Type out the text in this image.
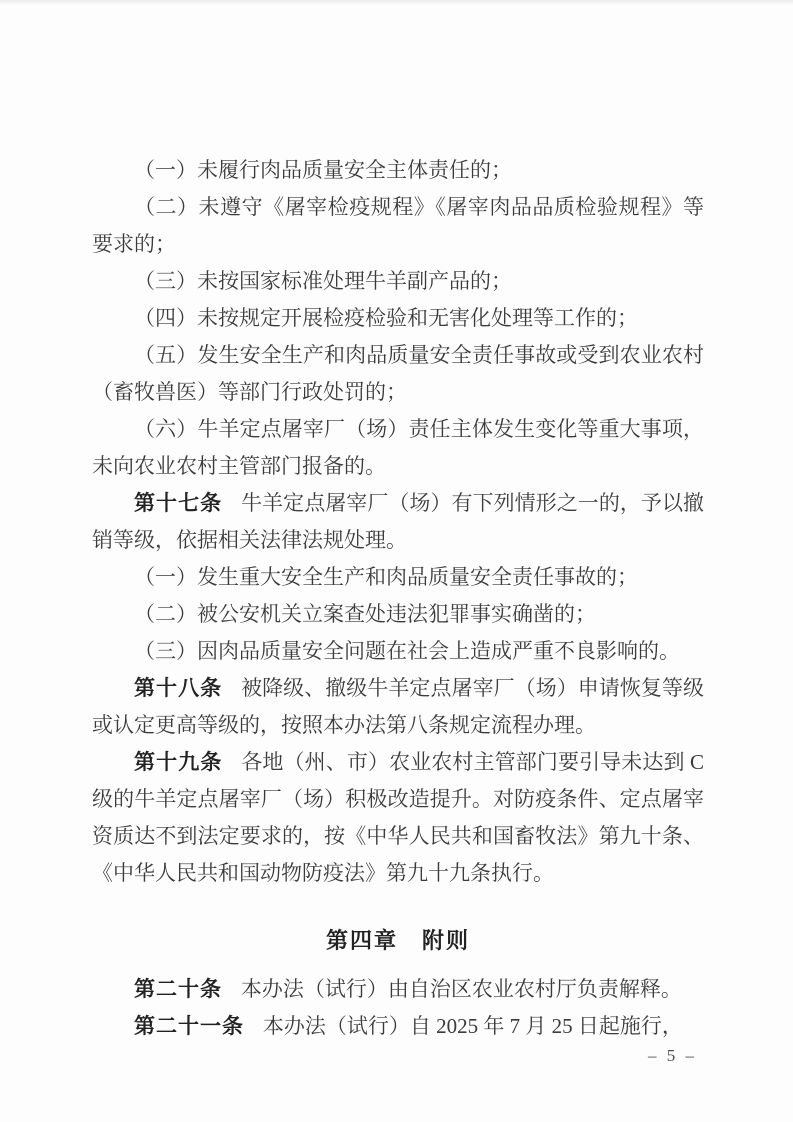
（一）未履行肉品质量安全主体责任的；

（二）未遵守《屠宰检疫规程》《屠宰肉品品质检验规程》等要求的；

（三）未按国家标准处理牛羊副产品的；

（四）未按规定开展检疫检验和无害化处理等工作的；

（五）发生安全生产和肉品质量安全责任事故或受到农业农村（畜牧兽医）等部门行政处罚的；

（六）牛羊定点屠宰厂（场）责任主体发生变化等重大事项，未向农业农村主管部门报备的。

第十七条 牛羊定点屠宰厂（场）有下列情形之一的，予以撤销等级，依据相关法律法规处理。

（一）发生重大安全生产和肉品质量安全责任事故的；

（二）被公安机关立案查处违法犯罪事实确凿的；

（三）因肉品质量安全问题在社会上造成严重不良影响的。

第十八条 被降级、撤级牛羊定点屠宰厂（场）申请恢复等级或认定更高等级的，按照本办法第八条规定流程办理。

第十九条 各地（州、市）农业农村主管部门要引导未达到 C 级的牛羊定点屠宰厂（场）积极改造提升。对防疫条件、定点屠宰资质达不到法定要求的，按《中华人民共和国畜牧法》第九十条、《中华人民共和国动物防疫法》第九十九条执行。

第四章　附则

第二十条 本办法（试行）由自治区农业农村厅负责解释。

第二十一条 本办法（试行）自 2025 年 7 月 25 日起施行，

– 5 –
